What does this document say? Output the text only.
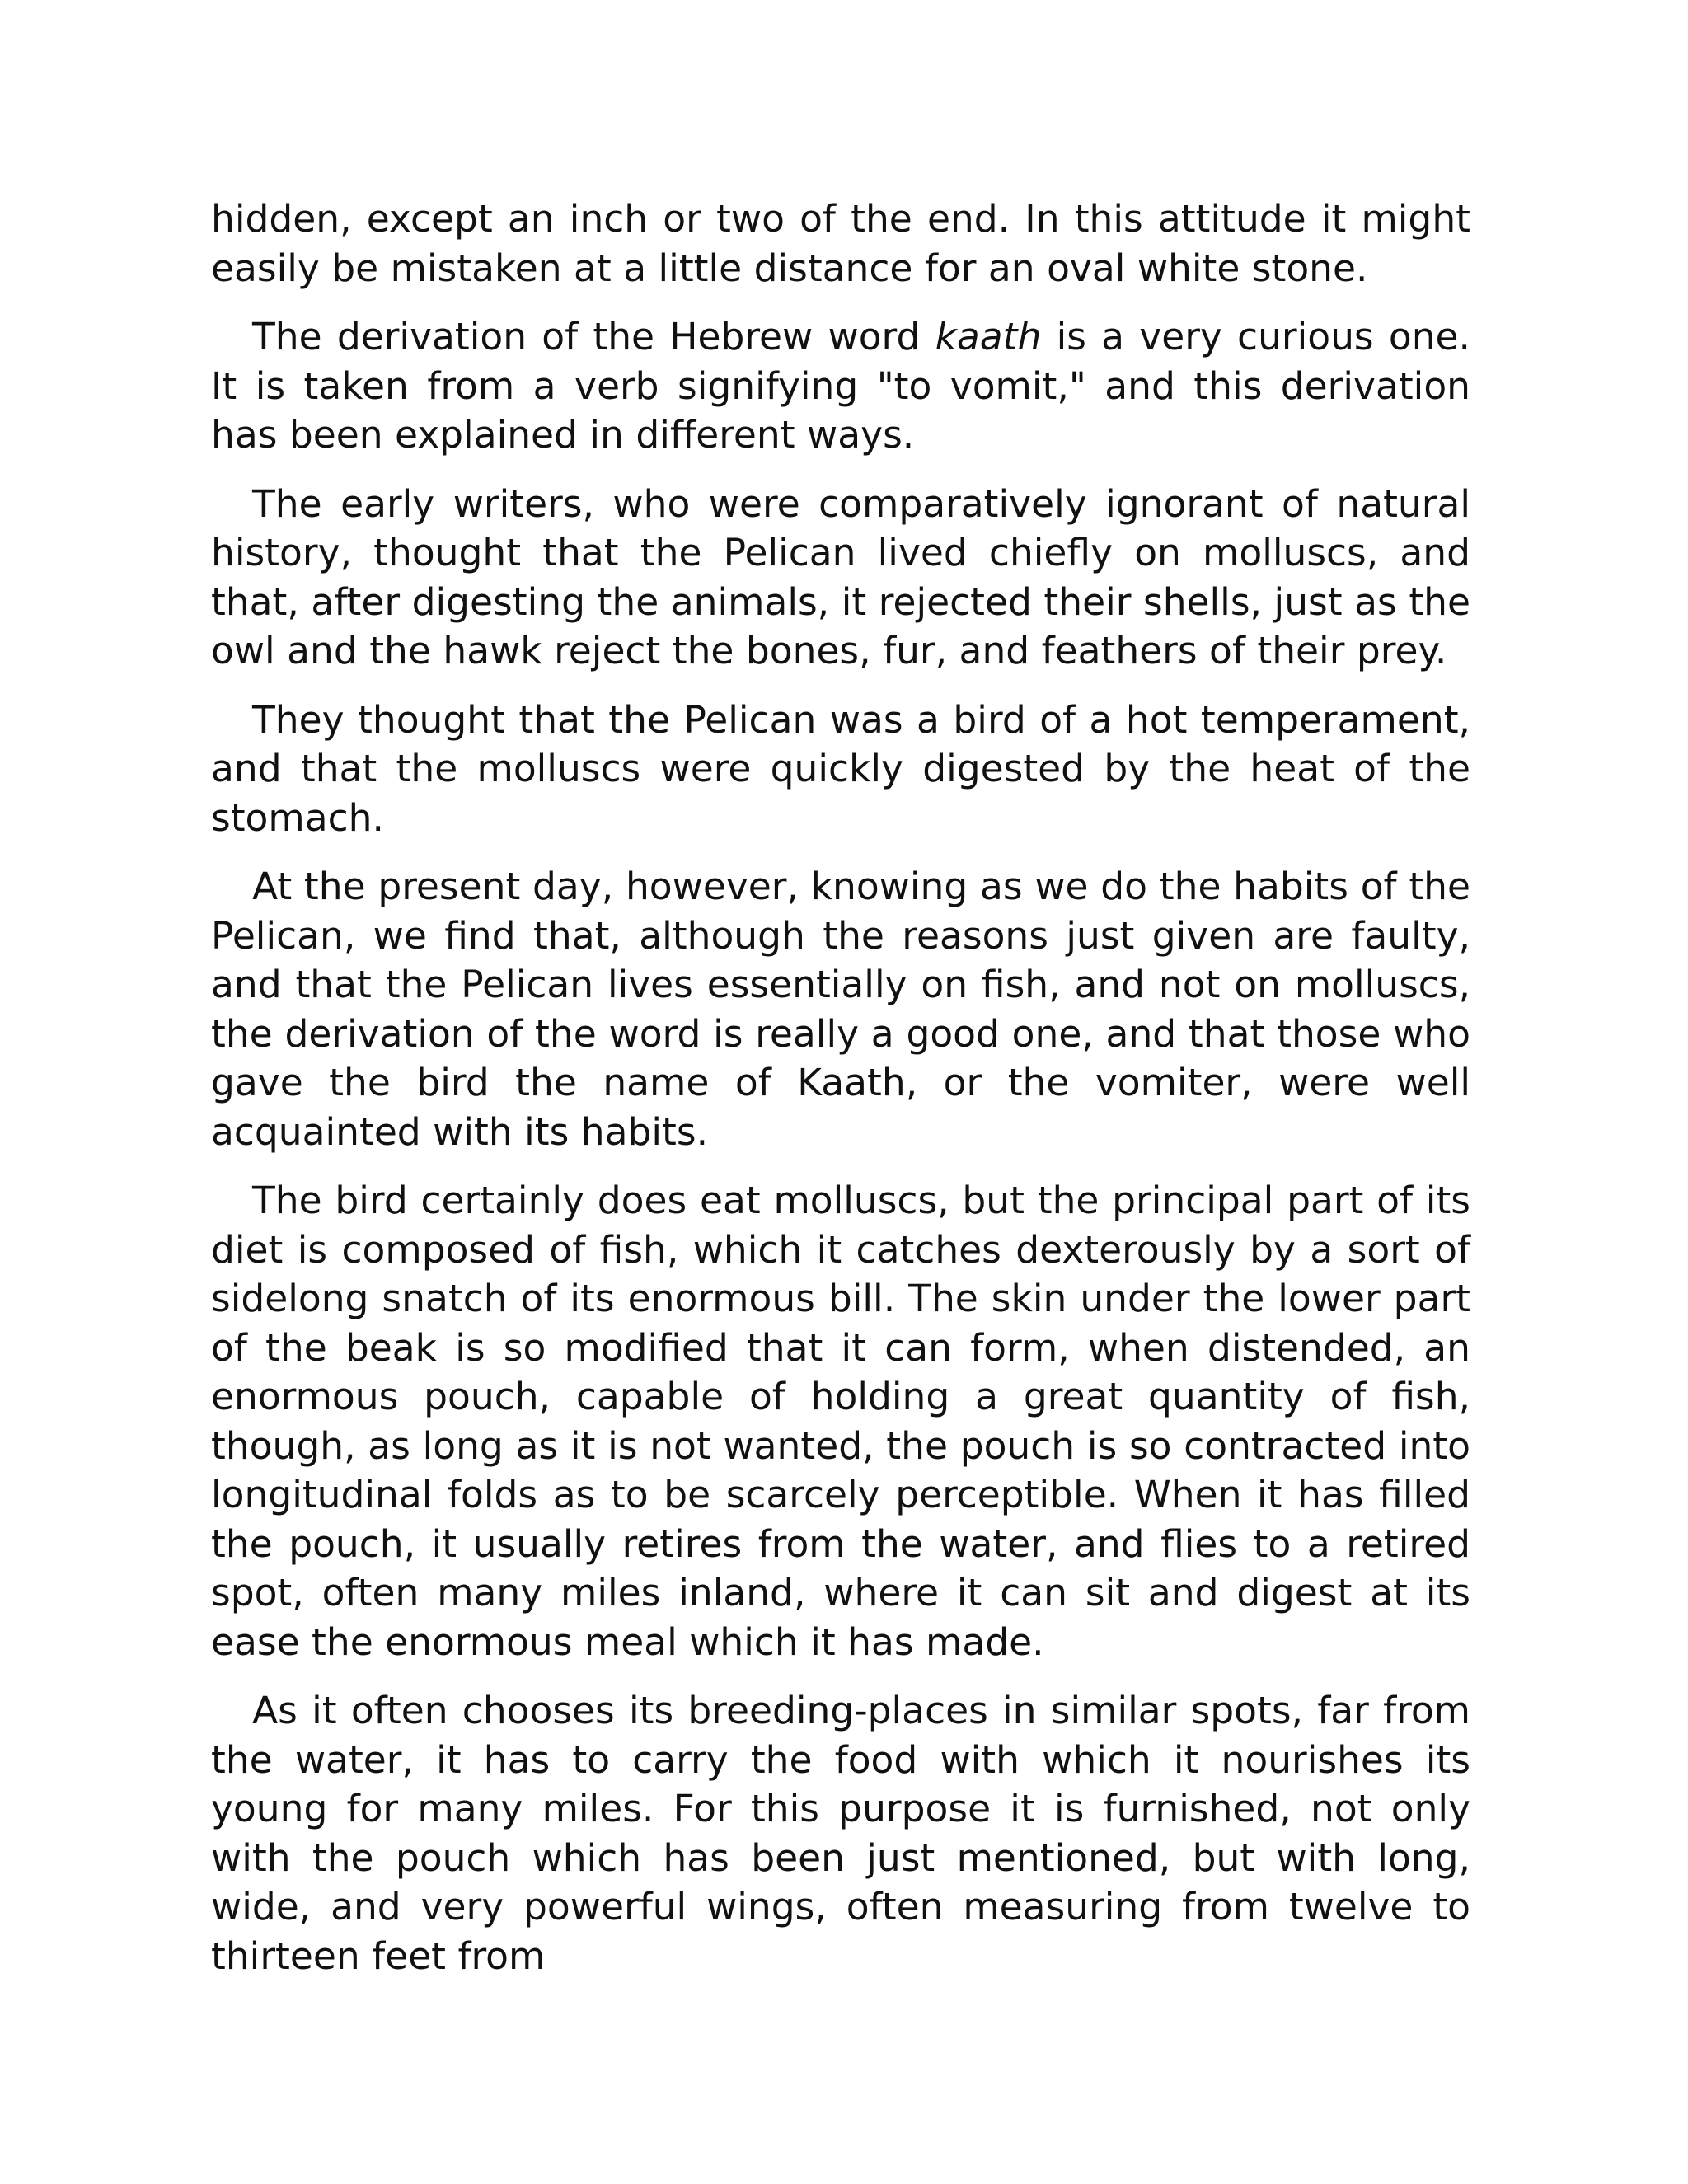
hidden, except an inch or two of the end. In this attitude it might easily be mistaken at a little distance for an oval white stone.

The derivation of the Hebrew word kaath is a very curious one. It is taken from a verb signifying "to vomit," and this derivation has been explained in different ways.

The early writers, who were comparatively ignorant of natural history, thought that the Pelican lived chiefly on molluscs, and that, after digesting the animals, it rejected their shells, just as the owl and the hawk reject the bones, fur, and feathers of their prey.

They thought that the Pelican was a bird of a hot temperament, and that the molluscs were quickly digested by the heat of the stomach.

At the present day, however, knowing as we do the habits of the Pelican, we find that, although the reasons just given are faulty, and that the Pelican lives essentially on fish, and not on molluscs, the derivation of the word is really a good one, and that those who gave the bird the name of Kaath, or the vomiter, were well acquainted with its habits.

The bird certainly does eat molluscs, but the principal part of its diet is composed of fish, which it catches dexterously by a sort of sidelong snatch of its enormous bill. The skin under the lower part of the beak is so modified that it can form, when distended, an enormous pouch, capable of holding a great quantity of fish, though, as long as it is not wanted, the pouch is so contracted into longitudinal folds as to be scarcely perceptible. When it has filled the pouch, it usually retires from the water, and flies to a retired spot, often many miles inland, where it can sit and digest at its ease the enormous meal which it has made.

As it often chooses its breeding-places in similar spots, far from the water, it has to carry the food with which it nourishes its young for many miles. For this purpose it is furnished, not only with the pouch which has been just mentioned, but with long, wide, and very powerful wings, often measuring from twelve to thirteen feet from
